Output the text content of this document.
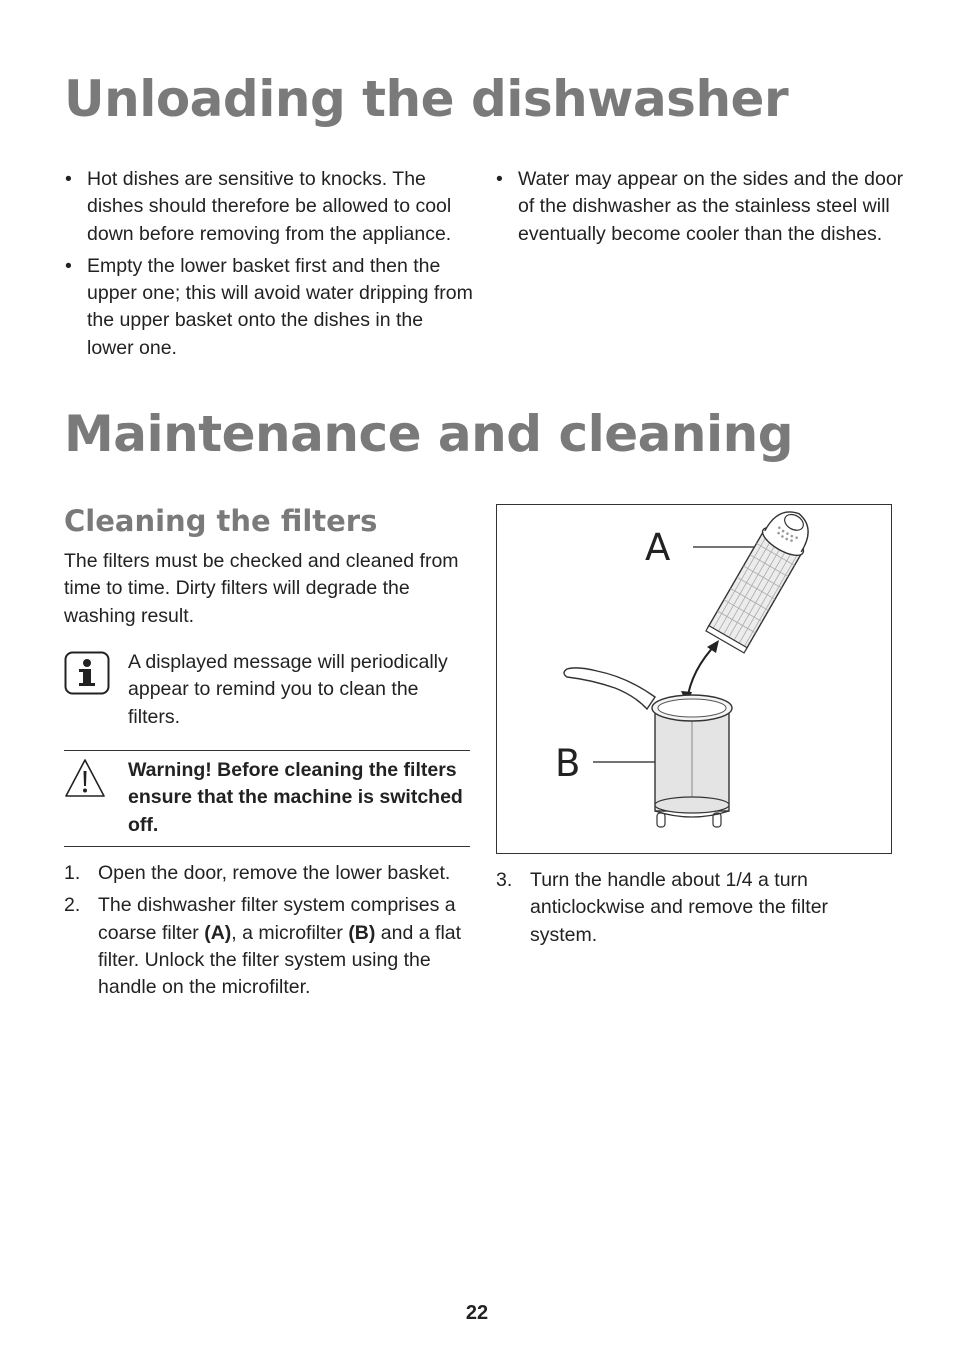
Unloading the dishwasher
• Hot dishes are sensitive to knocks. The dishes should therefore be allowed to cool down before removing from the appliance.
• Empty the lower basket first and then the upper one; this will avoid water dripping from the upper basket onto the dishes in the lower one.
• Water may appear on the sides and the door of the dishwasher as the stainless steel will eventually become cooler than the dishes.
Maintenance and cleaning
Cleaning the filters

The filters must be checked and cleaned from time to time. Dirty filters will degrade the washing result.

A displayed message will periodically appear to remind you to clean the filters.

Warning! Before cleaning the filters ensure that the machine is switched off.

1. Open the door, remove the lower basket.
2. The dishwasher filter system comprises a coarse filter (A), a microfilter (B) and a flat filter. Unlock the filter system using the handle on the microfilter.
A
B
3. Turn the handle about 1/4 a turn anticlockwise and remove the filter system.
22
